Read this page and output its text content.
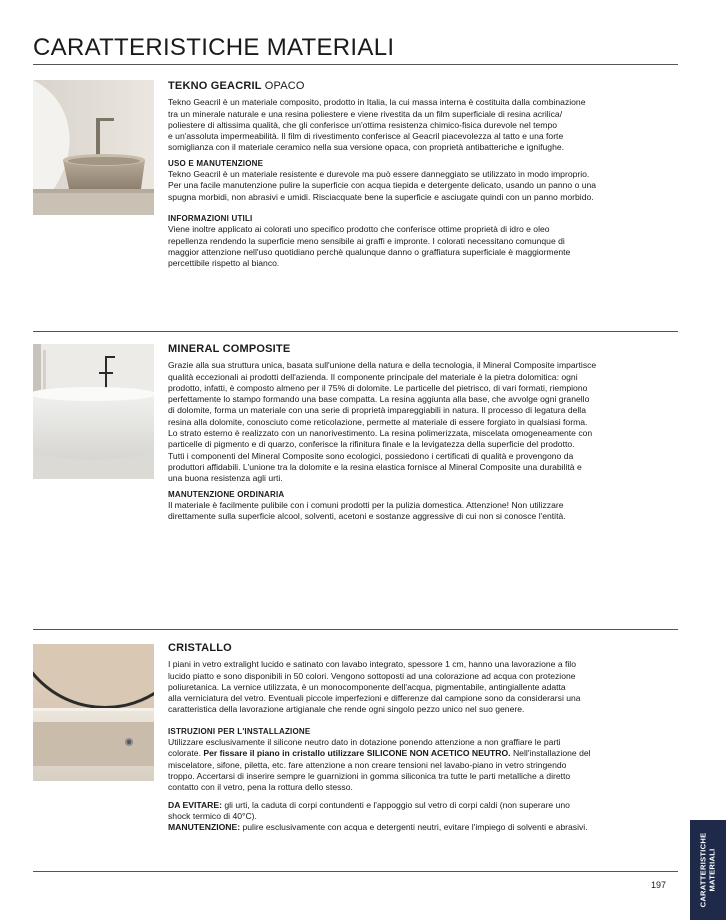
CARATTERISTICHE MATERIALI
TEKNO GEACRIL OPACO

Tekno Geacril è un materiale composito, prodotto in Italia, la cui massa interna è costituita dalla combinazione

tra un minerale naturale e una resina poliestere e viene rivestita da un film superficiale di resina acrilica/

poliestere di altissima qualità, che gli conferisce un'ottima resistenza chimico-fisica durevole nel tempo

e un'assoluta impermeabilità. Il film di rivestimento conferisce al Geacril piacevolezza al tatto e una forte

somiglianza con il materiale ceramico nella sua versione opaca, con proprietà antibatteriche e ignifughe.

USO E MANUTENZIONE

Tekno Geacril è un materiale resistente e durevole ma può essere danneggiato se utilizzato in modo improprio.

Per una facile manutenzione pulire la superficie con acqua tiepida e detergente delicato, usando un panno o una

spugna morbidi, non abrasivi e umidi. Risciacquate bene la superficie e asciugate quindi con un panno morbido.

INFORMAZIONI UTILI

Viene inoltre applicato ai colorati uno specifico prodotto che conferisce ottime proprietà di idro e oleo

repellenza rendendo la superficie meno sensibile ai graffi e impronte. I colorati necessitano comunque di

maggior attenzione nell'uso quotidiano perchè qualunque danno o graffiatura superficiale è maggiormente

percettibile rispetto al bianco.

MINERAL COMPOSITE

Grazie alla sua struttura unica, basata sull'unione della natura e della tecnologia, il Mineral Composite impartisce

qualità eccezionali ai prodotti dell'azienda. Il componente principale del materiale è la pietra dolomitica: ogni

prodotto, infatti, è composto almeno per il 75% di dolomite. Le particelle del pietrisco, di vari formati, riempiono

perfettamente lo stampo formando una base compatta. La resina aggiunta alla base, che avvolge ogni granello

di dolomite, forma un materiale con una serie di proprietà impareggiabili in natura. Il processo di legatura della

resina alla dolomite, conosciuto come reticolazione, permette al materiale di essere forgiato in qualsiasi forma.

Lo strato esterno è realizzato con un nanorivestimento. La resina polimerizzata, miscelata omogeneamente con

particelle di pigmento e di quarzo, conferisce la rifinitura finale e la levigatezza della superficie del prodotto.

Tutti i componenti del Mineral Composite sono ecologici, possiedono i certificati di qualità e provengono da

produttori affidabili. L'unione tra la dolomite e la resina elastica fornisce al Mineral Composite una durabilità e

una buona resistenza agli urti.

MANUTENZIONE ORDINARIA

Il materiale è facilmente pulibile con i comuni prodotti per la pulizia domestica. Attenzione! Non utilizzare

direttamente sulla superficie alcool, solventi, acetoni e sostanze aggressive di cui non si conosce l'entità.

CRISTALLO

I piani in vetro extralight lucido e satinato con lavabo integrato, spessore 1 cm, hanno una lavorazione a filo

lucido piatto e sono disponibili in 50 colori. Vengono sottoposti ad una colorazione ad acqua con protezione

poliuretanica. La vernice utilizzata, è un monocomponente dell'acqua, pigmentabile, antingiallente adatta

alla verniciatura del vetro. Eventuali piccole imperfezioni e differenze dal campione sono da considerarsi una

caratteristica della lavorazione artigianale che rende ogni singolo pezzo unico nel suo genere.

ISTRUZIONI PER L'INSTALLAZIONE

Utilizzare esclusivamente il silicone neutro dato in dotazione ponendo attenzione a non graffiare le parti

colorate. Per fissare il piano in cristallo utilizzare SILICONE NON ACETICO NEUTRO. Nell'installazione del

miscelatore, sifone, piletta, etc. fare attenzione a non creare tensioni nel lavabo-piano in vetro stringendo

troppo. Accertarsi di inserire sempre le guarnizioni in gomma siliconica tra tutte le parti metalliche a diretto

contatto con il vetro, pena la rottura dello stesso.

DA EVITARE: gli urti, la caduta di corpi contundenti e l'appoggio sul vetro di corpi caldi (non superare uno

shock termico di 40°C).

MANUTENZIONE: pulire esclusivamente con acqua e detergenti neutri, evitare l'impiego di solventi e abrasivi.

197	CARATTERISTICHE MATERIALI
